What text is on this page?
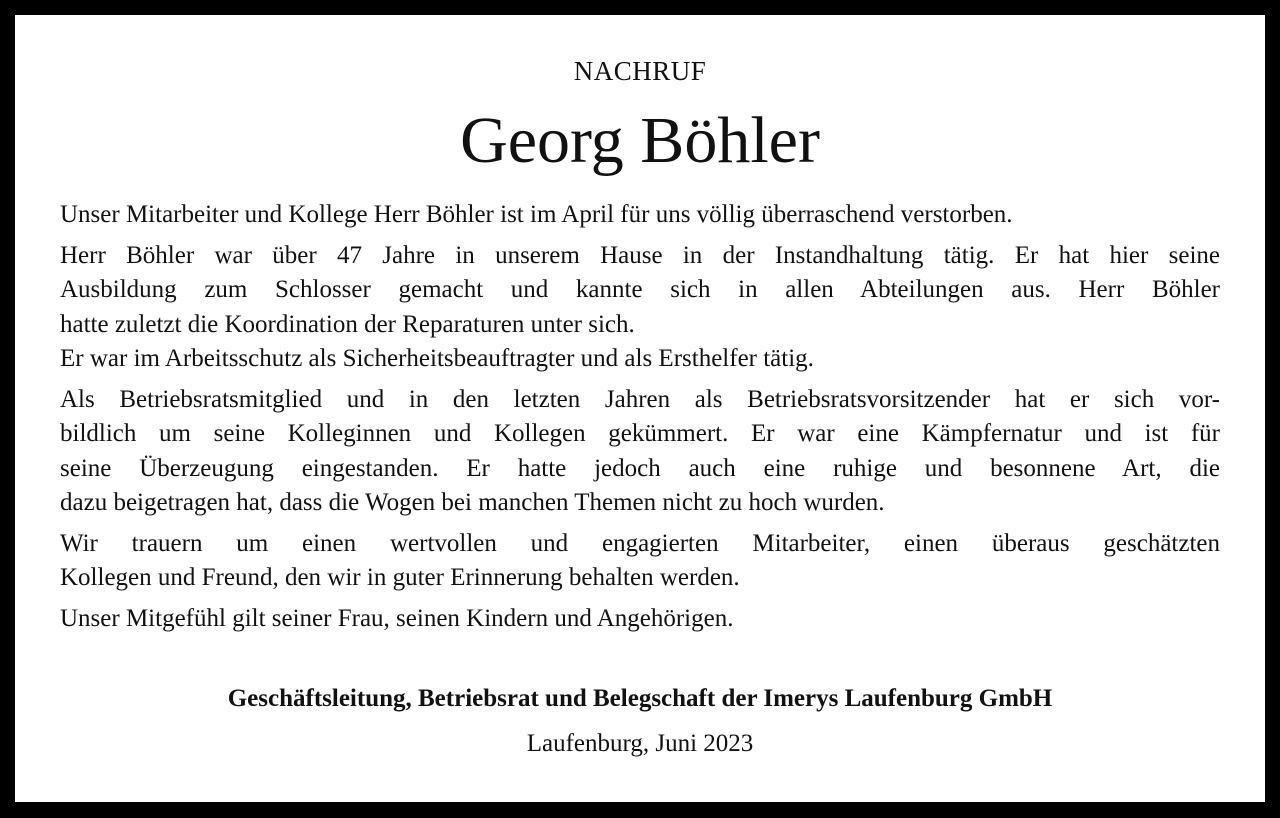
NACHRUF
Georg Böhler

Unser Mitarbeiter und Kollege Herr Böhler ist im April für uns völlig überraschend verstorben.

Herr Böhler war über 47 Jahre in unserem Hause in der Instandhaltung tätig. Er hat hier seine
Ausbildung zum Schlosser gemacht und kannte sich in allen Abteilungen aus. Herr Böhler
hatte zuletzt die Koordination der Reparaturen unter sich.
Er war im Arbeitsschutz als Sicherheitsbeauftragter und als Ersthelfer tätig.

Als Betriebsratsmitglied und in den letzten Jahren als Betriebsratsvorsitzender hat er sich vor-
bildlich um seine Kolleginnen und Kollegen gekümmert. Er war eine Kämpfernatur und ist für
seine Überzeugung eingestanden. Er hatte jedoch auch eine ruhige und besonnene Art, die
dazu beigetragen hat, dass die Wogen bei manchen Themen nicht zu hoch wurden.

Wir trauern um einen wertvollen und engagierten Mitarbeiter, einen überaus geschätzten
Kollegen und Freund, den wir in guter Erinnerung behalten werden.

Unser Mitgefühl gilt seiner Frau, seinen Kindern und Angehörigen.

Geschäftsleitung, Betriebsrat und Belegschaft der Imerys Laufenburg GmbH
Laufenburg, Juni 2023
